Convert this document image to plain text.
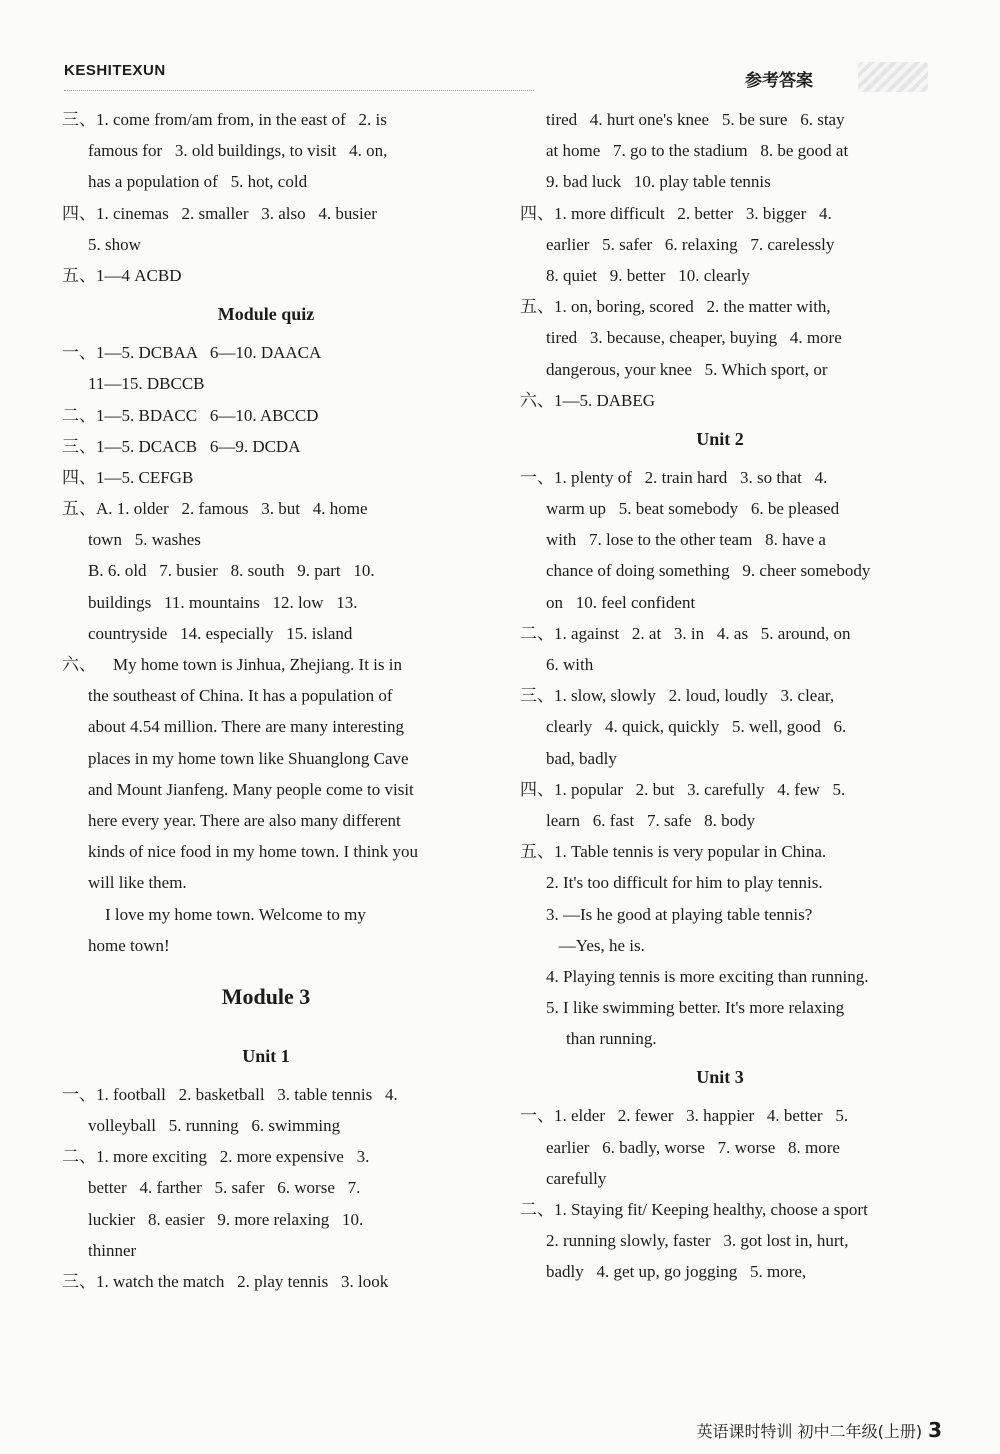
KESHITEXUN
参考答案
三、1. come from/am from, in the east of   2. is
famous for   3. old buildings, to visit   4. on,
has a population of   5. hot, cold
四、1. cinemas   2. smaller   3. also   4. busier
5. show
五、1—4 ACBD
Module quiz
一、1—5. DCBAA   6—10. DAACA
11—15. DBCCB
二、1—5. BDACC   6—10. ABCCD
三、1—5. DCACB   6—9. DCDA
四、1—5. CEFGB
五、A. 1. older   2. famous   3. but   4. home
town   5. washes
B. 6. old   7. busier   8. south   9. part   10.
buildings   11. mountains   12. low   13.
countryside   14. especially   15. island
六、    My home town is Jinhua, Zhejiang. It is in
the southeast of China. It has a population of
about 4.54 million. There are many interesting
places in my home town like Shuanglong Cave
and Mount Jianfeng. Many people come to visit
here every year. There are also many different
kinds of nice food in my home town. I think you
will like them.
I love my home town. Welcome to my
home town!
Module 3
Unit 1
一、1. football   2. basketball   3. table tennis   4.
volleyball   5. running   6. swimming
二、1. more exciting   2. more expensive   3.
better   4. farther   5. safer   6. worse   7.
luckier   8. easier   9. more relaxing   10.
thinner
三、1. watch the match   2. play tennis   3. look
tired   4. hurt one's knee   5. be sure   6. stay
at home   7. go to the stadium   8. be good at
9. bad luck   10. play table tennis
四、1. more difficult   2. better   3. bigger   4.
earlier   5. safer   6. relaxing   7. carelessly
8. quiet   9. better   10. clearly
五、1. on, boring, scored   2. the matter with,
tired   3. because, cheaper, buying   4. more
dangerous, your knee   5. Which sport, or
六、1—5. DABEG
Unit 2
一、1. plenty of   2. train hard   3. so that   4.
warm up   5. beat somebody   6. be pleased
with   7. lose to the other team   8. have a
chance of doing something   9. cheer somebody
on   10. feel confident
二、1. against   2. at   3. in   4. as   5. around, on
6. with
三、1. slow, slowly   2. loud, loudly   3. clear,
clearly   4. quick, quickly   5. well, good   6.
bad, badly
四、1. popular   2. but   3. carefully   4. few   5.
learn   6. fast   7. safe   8. body
五、1. Table tennis is very popular in China.
2. It's too difficult for him to play tennis.
3. —Is he good at playing table tennis?
—Yes, he is.
4. Playing tennis is more exciting than running.
5. I like swimming better. It's more relaxing
than running.
Unit 3
一、1. elder   2. fewer   3. happier   4. better   5.
earlier   6. badly, worse   7. worse   8. more
carefully
二、1. Staying fit/ Keeping healthy, choose a sport
2. running slowly, faster   3. got lost in, hurt,
badly   4. get up, go jogging   5. more,
英语课时特训 初中二年级(上册) 3
